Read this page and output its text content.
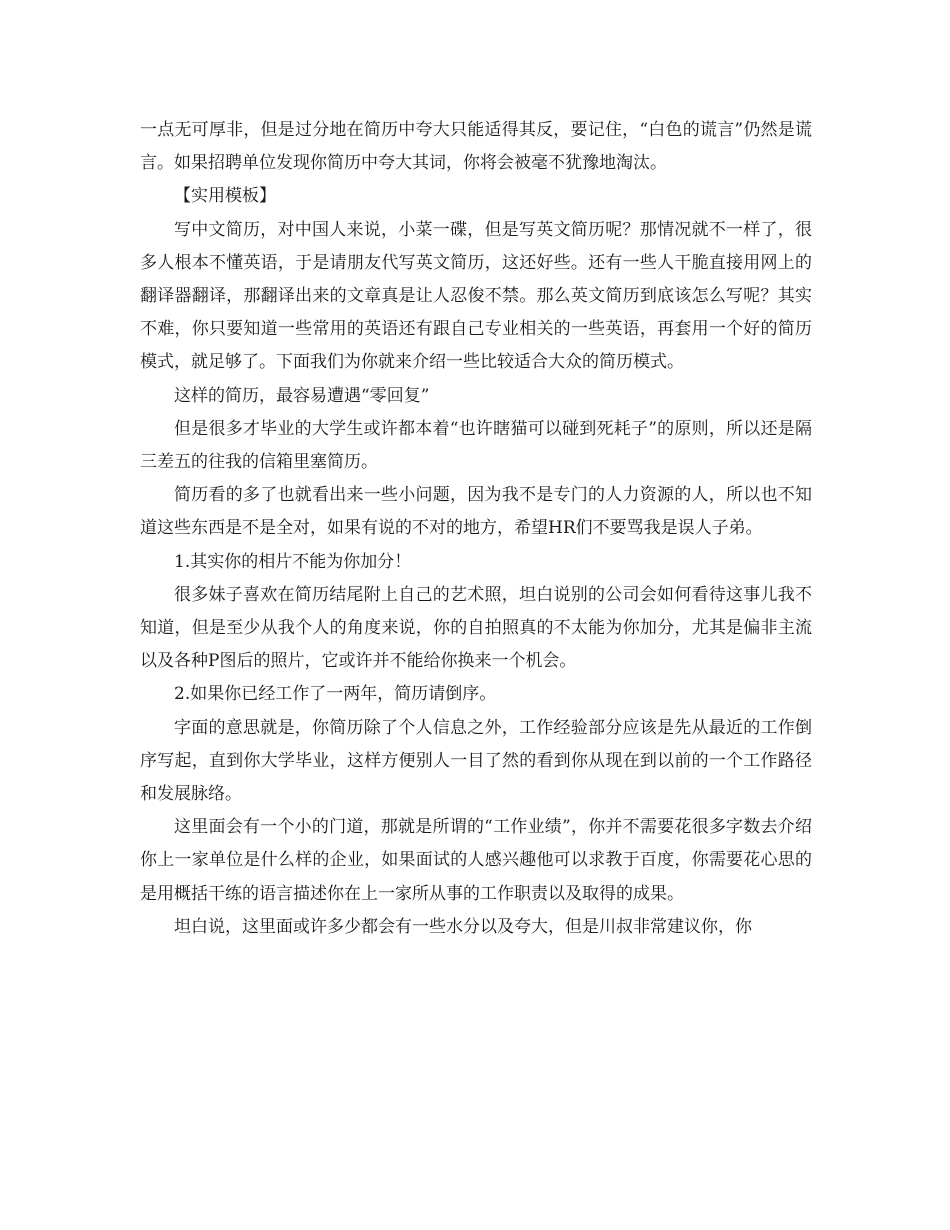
一点无可厚非，但是过分地在简历中夸大只能适得其反，要记住，“白色的谎言”仍然是谎言。如果招聘单位发现你简历中夸大其词，你将会被毫不犹豫地淘汰。

【实用模板】

写中文简历，对中国人来说，小菜一碟，但是写英文简历呢？那情况就不一样了，很多人根本不懂英语，于是请朋友代写英文简历，这还好些。还有一些人干脆直接用网上的翻译器翻译，那翻译出来的文章真是让人忍俊不禁。那么英文简历到底该怎么写呢？其实不难，你只要知道一些常用的英语还有跟自己专业相关的一些英语，再套用一个好的简历模式，就足够了。下面我们为你就来介绍一些比较适合大众的简历模式。

这样的简历，最容易遭遇“零回复”

但是很多才毕业的大学生或许都本着“也许瞎猫可以碰到死耗子”的原则，所以还是隔三差五的往我的信箱里塞简历。

简历看的多了也就看出来一些小问题，因为我不是专门的人力资源的人，所以也不知道这些东西是不是全对，如果有说的不对的地方，希望HR们不要骂我是误人子弟。

1.其实你的相片不能为你加分！

很多妹子喜欢在简历结尾附上自己的艺术照，坦白说别的公司会如何看待这事儿我不知道，但是至少从我个人的角度来说，你的自拍照真的不太能为你加分，尤其是偏非主流以及各种P图后的照片，它或许并不能给你换来一个机会。

2.如果你已经工作了一两年，简历请倒序。

字面的意思就是，你简历除了个人信息之外，工作经验部分应该是先从最近的工作倒序写起，直到你大学毕业，这样方便别人一目了然的看到你从现在到以前的一个工作路径和发展脉络。

这里面会有一个小的门道，那就是所谓的“工作业绩”，你并不需要花很多字数去介绍你上一家单位是什么样的企业，如果面试的人感兴趣他可以求教于百度，你需要花心思的是用概括干练的语言描述你在上一家所从事的工作职责以及取得的成果。

坦白说，这里面或许多少都会有一些水分以及夸大，但是川叔非常建议你，你
